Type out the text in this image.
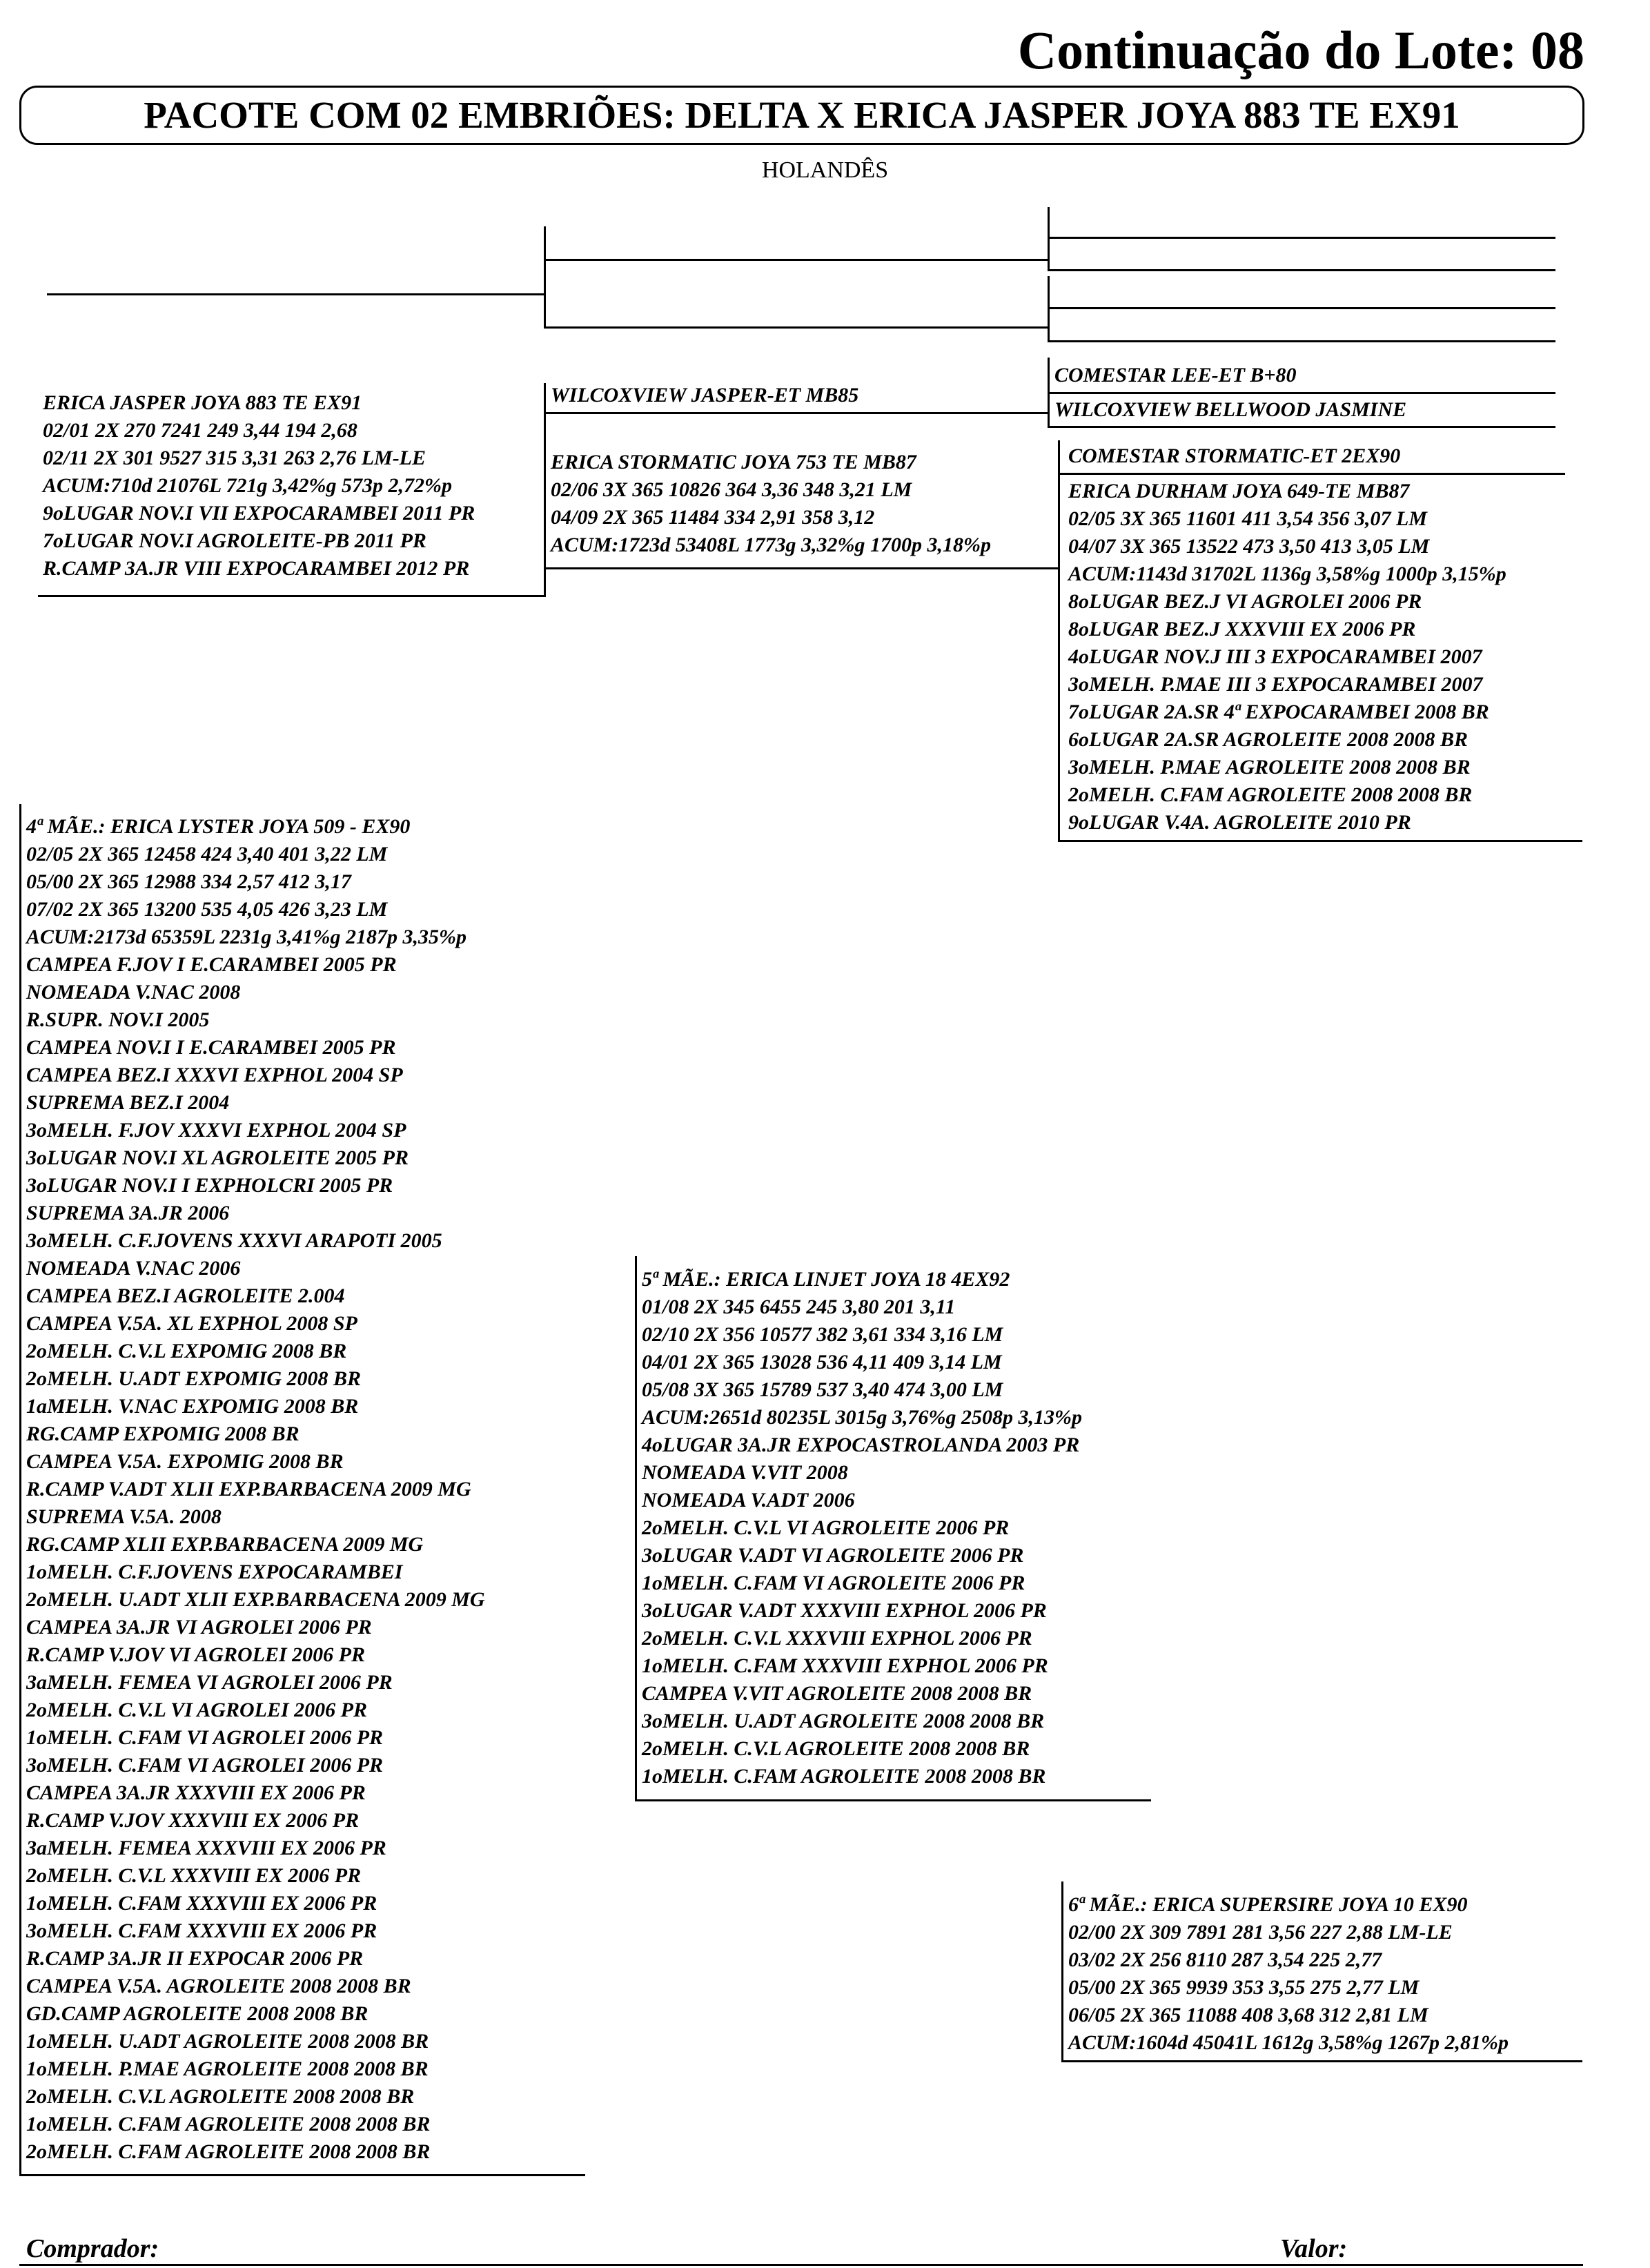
Continuação do Lote: 08
PACOTE COM 02 EMBRIÕES: DELTA X ERICA JASPER JOYA 883 TE EX91
HOLANDÊS
ERICA JASPER JOYA 883 TE EX91
02/01 2X 270 7241 249 3,44 194 2,68
02/11 2X 301 9527 315 3,31 263 2,76 LM-LE
ACUM:710d 21076L 721g 3,42%g 573p 2,72%p
9oLUGAR NOV.I VII EXPOCARAMBEI 2011 PR
7oLUGAR NOV.I AGROLEITE-PB 2011 PR
R.CAMP 3A.JR VIII EXPOCARAMBEI 2012 PR
WILCOXVIEW JASPER-ET MB85
ERICA STORMATIC JOYA 753 TE MB87
02/06 3X 365 10826 364 3,36 348 3,21 LM
04/09 2X 365 11484 334 2,91 358 3,12
ACUM:1723d 53408L 1773g 3,32%g 1700p 3,18%p
COMESTAR LEE-ET B+80
WILCOXVIEW BELLWOOD JASMINE
COMESTAR STORMATIC-ET 2EX90
ERICA DURHAM JOYA 649-TE MB87
02/05 3X 365 11601 411 3,54 356 3,07 LM
04/07 3X 365 13522 473 3,50 413 3,05 LM
ACUM:1143d 31702L 1136g 3,58%g 1000p 3,15%p
8oLUGAR BEZ.J VI AGROLEI 2006 PR
8oLUGAR BEZ.J XXXVIII EX 2006 PR
4oLUGAR NOV.J III 3 EXPOCARAMBEI 2007
3oMELH. P.MAE III 3 EXPOCARAMBEI 2007
7oLUGAR 2A.SR 4ª EXPOCARAMBEI 2008 BR
6oLUGAR 2A.SR AGROLEITE 2008 2008 BR
3oMELH. P.MAE AGROLEITE 2008 2008 BR
2oMELH. C.FAM AGROLEITE 2008 2008 BR
9oLUGAR V.4A. AGROLEITE 2010 PR
4ª MÃE.: ERICA LYSTER JOYA 509 - EX90
02/05 2X 365 12458 424 3,40 401 3,22 LM
05/00 2X 365 12988 334 2,57 412 3,17
07/02 2X 365 13200 535 4,05 426 3,23 LM
ACUM:2173d 65359L 2231g 3,41%g 2187p 3,35%p
CAMPEA F.JOV I E.CARAMBEI 2005 PR
NOMEADA V.NAC 2008
R.SUPR. NOV.I 2005
CAMPEA NOV.I I E.CARAMBEI 2005 PR
CAMPEA BEZ.I XXXVI EXPHOL 2004 SP
SUPREMA BEZ.I 2004
3oMELH. F.JOV XXXVI EXPHOL 2004 SP
3oLUGAR NOV.I XL AGROLEITE 2005 PR
3oLUGAR NOV.I I EXPHOLCRI 2005 PR
SUPREMA 3A.JR 2006
3oMELH. C.F.JOVENS XXXVI ARAPOTI 2005
NOMEADA V.NAC 2006
CAMPEA BEZ.I AGROLEITE 2.004
CAMPEA V.5A. XL EXPHOL 2008 SP
2oMELH. C.V.L EXPOMIG 2008 BR
2oMELH. U.ADT EXPOMIG 2008 BR
1aMELH. V.NAC EXPOMIG 2008 BR
RG.CAMP EXPOMIG 2008 BR
CAMPEA V.5A. EXPOMIG 2008 BR
R.CAMP V.ADT XLII EXP.BARBACENA 2009 MG
SUPREMA V.5A. 2008
RG.CAMP XLII EXP.BARBACENA 2009 MG
1oMELH. C.F.JOVENS EXPOCARAMBEI
2oMELH. U.ADT XLII EXP.BARBACENA 2009 MG
CAMPEA 3A.JR VI AGROLEI 2006 PR
R.CAMP V.JOV VI AGROLEI 2006 PR
3aMELH. FEMEA VI AGROLEI 2006 PR
2oMELH. C.V.L VI AGROLEI 2006 PR
1oMELH. C.FAM VI AGROLEI 2006 PR
3oMELH. C.FAM VI AGROLEI 2006 PR
CAMPEA 3A.JR XXXVIII EX 2006 PR
R.CAMP V.JOV XXXVIII EX 2006 PR
3aMELH. FEMEA XXXVIII EX 2006 PR
2oMELH. C.V.L XXXVIII EX 2006 PR
1oMELH. C.FAM XXXVIII EX 2006 PR
3oMELH. C.FAM XXXVIII EX 2006 PR
R.CAMP 3A.JR II EXPOCAR 2006 PR
CAMPEA V.5A. AGROLEITE 2008 2008 BR
GD.CAMP AGROLEITE 2008 2008 BR
1oMELH. U.ADT AGROLEITE 2008 2008 BR
1oMELH. P.MAE AGROLEITE 2008 2008 BR
2oMELH. C.V.L AGROLEITE 2008 2008 BR
1oMELH. C.FAM AGROLEITE 2008 2008 BR
2oMELH. C.FAM AGROLEITE 2008 2008 BR
5ª MÃE.: ERICA LINJET JOYA 18 4EX92
01/08 2X 345 6455 245 3,80 201 3,11
02/10 2X 356 10577 382 3,61 334 3,16 LM
04/01 2X 365 13028 536 4,11 409 3,14 LM
05/08 3X 365 15789 537 3,40 474 3,00 LM
ACUM:2651d 80235L 3015g 3,76%g 2508p 3,13%p
4oLUGAR 3A.JR EXPOCASTROLANDA 2003 PR
NOMEADA V.VIT 2008
NOMEADA V.ADT 2006
2oMELH. C.V.L VI AGROLEITE 2006 PR
3oLUGAR V.ADT VI AGROLEITE 2006 PR
1oMELH. C.FAM VI AGROLEITE 2006 PR
3oLUGAR V.ADT XXXVIII EXPHOL 2006 PR
2oMELH. C.V.L XXXVIII EXPHOL 2006 PR
1oMELH. C.FAM XXXVIII EXPHOL 2006 PR
CAMPEA V.VIT AGROLEITE 2008 2008 BR
3oMELH. U.ADT AGROLEITE 2008 2008 BR
2oMELH. C.V.L AGROLEITE 2008 2008 BR
1oMELH. C.FAM AGROLEITE 2008 2008 BR
6ª MÃE.: ERICA SUPERSIRE JOYA 10 EX90
02/00 2X 309 7891 281 3,56 227 2,88 LM-LE
03/02 2X 256 8110 287 3,54 225 2,77
05/00 2X 365 9939 353 3,55 275 2,77 LM
06/05 2X 365 11088 408 3,68 312 2,81 LM
ACUM:1604d 45041L 1612g 3,58%g 1267p 2,81%p
Comprador:	Valor:
